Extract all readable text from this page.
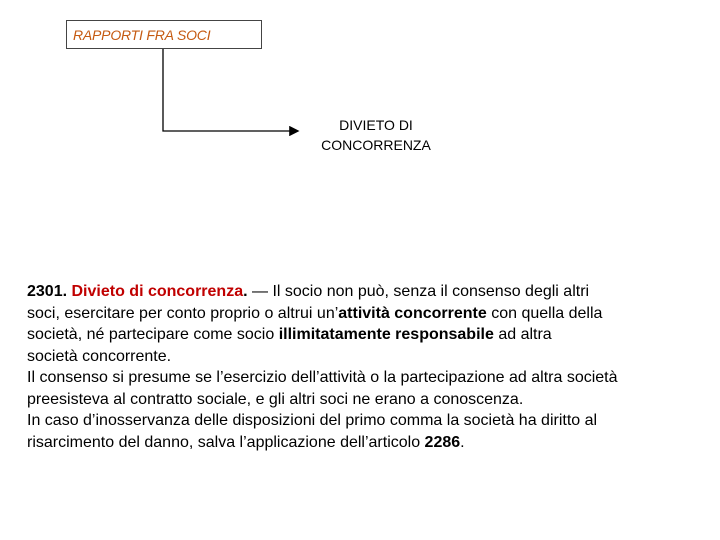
RAPPORTI FRA SOCI
DIVIETO DI
CONCORRENZA

2301. Divieto di concorrenza. — Il socio non può, senza il consenso degli altri

soci, esercitare per conto proprio o altrui un’attività concorrente con quella della

società, né partecipare come socio illimitatamente responsabile ad altra

società concorrente.

Il consenso si presume se l’esercizio dell’attività o la partecipazione ad altra società

preesisteva al contratto sociale, e gli altri soci ne erano a conoscenza.

In caso d’inosservanza delle disposizioni del primo comma la società ha diritto al

risarcimento del danno, salva l’applicazione dell’articolo 2286.
